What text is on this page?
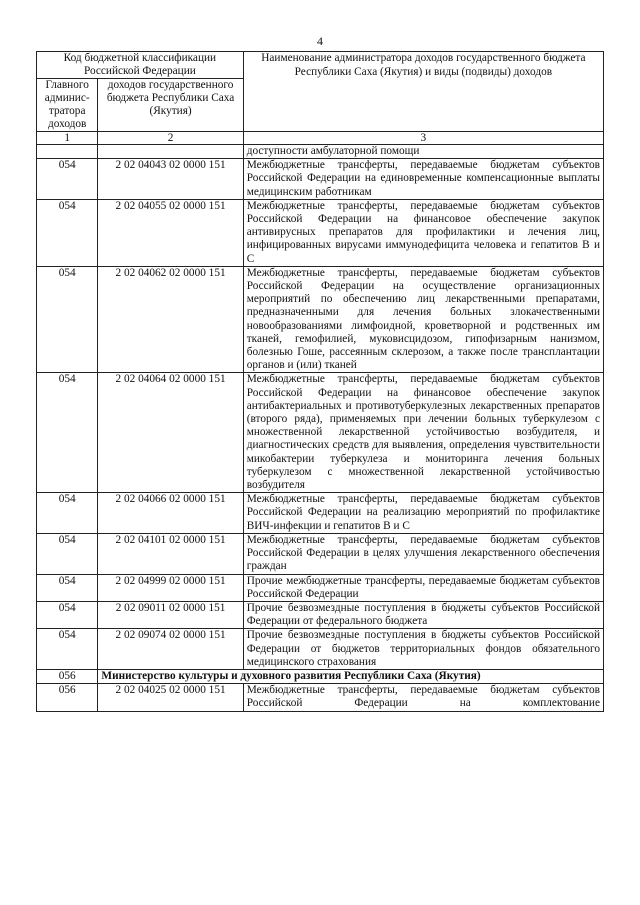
4
Код бюджетной классификации Российской Федерации		Наименование администратора доходов государственного бюджета Республики Саха (Якутия) и виды (подвиды) доходов
Главного админис-тратора доходов	доходов государственного бюджета Республики Саха (Якутия)	
1	2	3
		доступности амбулаторной помощи
054	2 02 04043 02 0000 151	Межбюджетные трансферты, передаваемые бюджетам субъектов Российской Федерации на единовременные компенсационные выплаты медицинским работникам
054	2 02 04055 02 0000 151	Межбюджетные трансферты, передаваемые бюджетам субъектов Российской Федерации на финансовое обеспечение закупок антивирусных препаратов для профилактики и лечения лиц, инфицированных вирусами иммунодефицита человека и гепатитов В и С
054	2 02 04062 02 0000 151	Межбюджетные трансферты, передаваемые бюджетам субъектов Российской Федерации на осуществление организационных мероприятий по обеспечению лиц лекарственными препаратами, предназначенными для лечения больных злокачественными новообразованиями лимфоидной, кроветворной и родственных им тканей, гемофилией, муковисцидозом, гипофизарным нанизмом, болезнью Гоше, рассеянным склерозом, а также после трансплантации органов и (или) тканей
054	2 02 04064 02 0000 151	Межбюджетные трансферты, передаваемые бюджетам субъектов Российской Федерации на финансовое обеспечение закупок антибактериальных и противотуберкулезных лекарственных препаратов (второго ряда), применяемых при лечении больных туберкулезом с множественной лекарственной устойчивостью возбудителя, и диагностических средств для выявления, определения чувствительности микобактерии туберкулеза и мониторинга лечения больных туберкулезом с множественной лекарственной устойчивостью возбудителя
054	2 02 04066 02 0000 151	Межбюджетные трансферты, передаваемые бюджетам субъектов Российской Федерации на реализацию мероприятий по профилактике ВИЧ-инфекции и гепатитов В и С
054	2 02 04101 02 0000 151	Межбюджетные трансферты, передаваемые бюджетам субъектов Российской Федерации в целях улучшения лекарственного обеспечения граждан
054	2 02 04999 02 0000 151	Прочие межбюджетные трансферты, передаваемые бюджетам субъектов Российской Федерации
054	2 02 09011 02 0000 151	Прочие безвозмездные поступления в бюджеты субъектов Российской Федерации от федерального бюджета
054	2 02 09074 02 0000 151	Прочие безвозмездные поступления в бюджеты субъектов Российской Федерации от бюджетов территориальных фондов обязательного медицинского страхования
056	Министерство культуры и духовного развития Республики Саха (Якутия)	
056	2 02 04025 02 0000 151	Межбюджетные трансферты, передаваемые бюджетам субъектов Российской Федерации на комплектование
